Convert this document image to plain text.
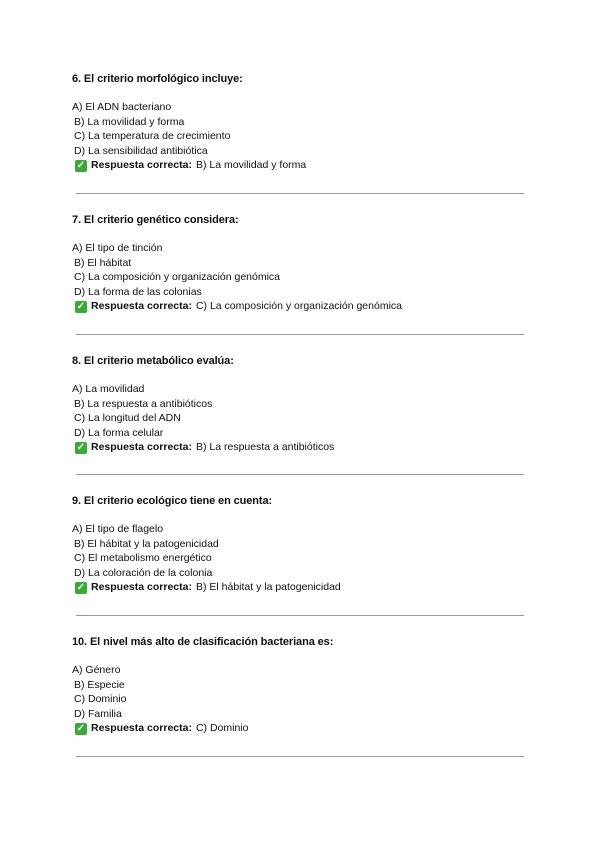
6. El criterio morfológico incluye:
A) El ADN bacteriano
B) La movilidad y forma
C) La temperatura de crecimiento
D) La sensibilidad antibiótica
✓ Respuesta correcta: B) La movilidad y forma
7. El criterio genético considera:
A) El tipo de tinción
B) El hábitat
C) La composición y organización genómica
D) La forma de las colonias
✓ Respuesta correcta: C) La composición y organización genómica
8. El criterio metabólico evalúa:
A) La movilidad
B) La respuesta a antibióticos
C) La longitud del ADN
D) La forma celular
✓ Respuesta correcta: B) La respuesta a antibióticos
9. El criterio ecológico tiene en cuenta:
A) El tipo de flagelo
B) El hábitat y la patogenicidad
C) El metabolismo energético
D) La coloración de la colonia
✓ Respuesta correcta: B) El hábitat y la patogenicidad
10. El nivel más alto de clasificación bacteriana es:
A) Género
B) Especie
C) Dominio
D) Familia
✓ Respuesta correcta: C) Dominio
